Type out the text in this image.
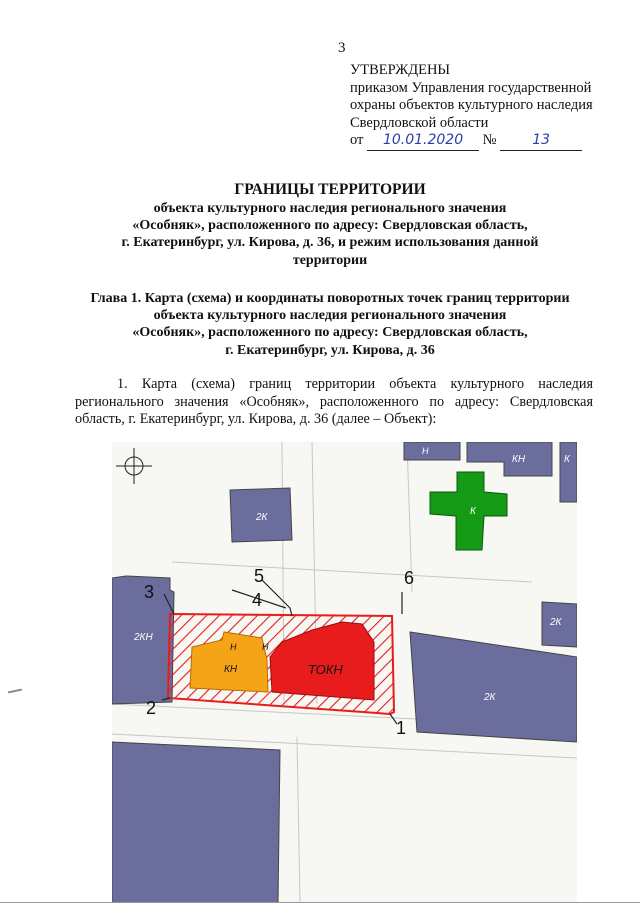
3
УТВЕРЖДЕНЫ
приказом Управления государственной
охраны объектов культурного наследия
Свердловской области
от 10.01.2020 №	13
ГРАНИЦЫ ТЕРРИТОРИИ
объекта культурного наследия регионального значения
«Особняк», расположенного по адресу: Свердловская область,
г. Екатеринбург, ул. Кирова, д. 36, и режим использования данной
территории
Глава 1. Карта (схема) и координаты поворотных точек границ территории
объекта культурного наследия регионального значения
«Особняк», расположенного по адресу: Свердловская область,
г. Екатеринбург, ул. Кирова, д. 36
1. Карта (схема) границ территории объекта культурного наследия регионального значения «Особняк», расположенного по адресу: Свердловская область, г. Екатеринбург, ул. Кирова, д. 36 (далее – Объект):
3
5
4
6
2
1
2К
2КН
КН	ТОКН
К
2К
2К
КН	К
Н	Н
Н
